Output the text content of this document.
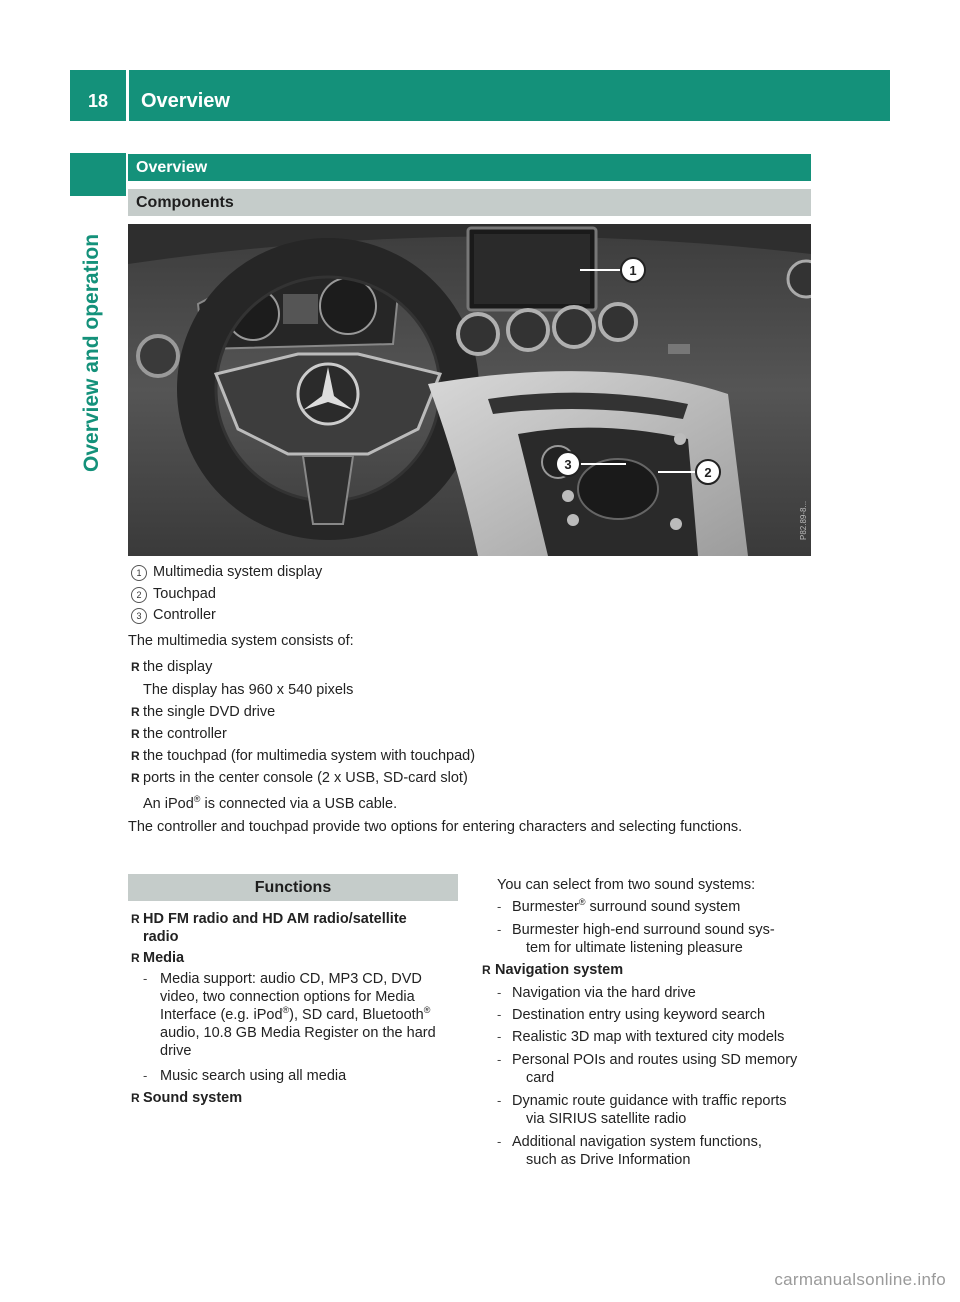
18	Overview
Overview and operation
Overview
Components
1
3
2
P82.89-8...
1 Multimedia system display
2 Touchpad
3 Controller
The multimedia system consists of:
R the display
The display has 960 x 540 pixels
R the single DVD drive
R the controller
R the touchpad (for multimedia system with touchpad)
R ports in the center console (2 x USB, SD-card slot)
An iPod® is connected via a USB cable.
The controller and touchpad provide two options for entering characters and selecting functions.
Functions
R HD FM radio and HD AM radio/satellite
radio
R Media
- Media support: audio CD, MP3 CD, DVD
video, two connection options for Media
Interface (e.g. iPod®), SD card, Bluetooth®
audio, 10.8 GB Media Register on the hard
drive
- Music search using all media
R Sound system
You can select from two sound systems:
- Burmester® surround sound system
- Burmester high-end surround sound sys-
tem for ultimate listening pleasure
R Navigation system
- Navigation via the hard drive
- Destination entry using keyword search
- Realistic 3D map with textured city models
- Personal POIs and routes using SD memory
card
- Dynamic route guidance with traffic reports
via SIRIUS satellite radio
- Additional navigation system functions,
such as Drive Information
carmanualsonline.info
